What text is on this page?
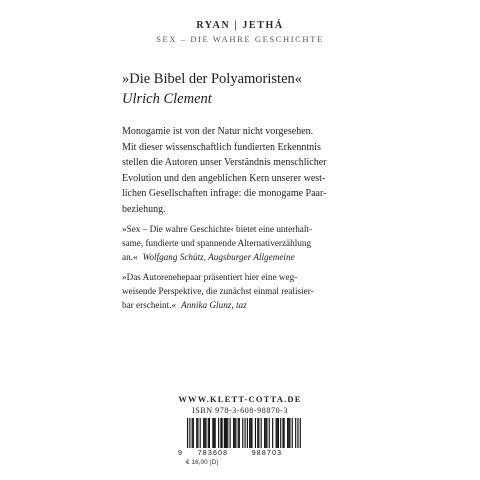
RYAN | JETHÁ
SEX – DIE WAHRE GESCHICHTE
»Die Bibel der Polyamoristen«
Ulrich Clement
Monogamie ist von der Natur nicht vorgesehen.
Mit dieser wissenschaftlich fundierten Erkenntnis
stellen die Autoren unser Verständnis menschlicher
Evolution und den angeblichen Kern unserer west-
lichen Gesellschaften infrage: die monogame Paar-
beziehung.
»Sex – Die wahre Geschichte‹ bietet eine unterhalt-
same, fundierte und spannende Alternativerzählung
an.« Wolfgang Schütz, Augsburger Allgemeine
»Das Autorenehepaar präsentiert hier eine weg-
weisende Perspektive, die zunächst einmal realisier-
bar erscheint.« Annika Glunz, taz
WWW.KLETT-COTTA.DE
ISBN 978-3-608-98870-3
9 783608	988703
€ 16,00 (D)
